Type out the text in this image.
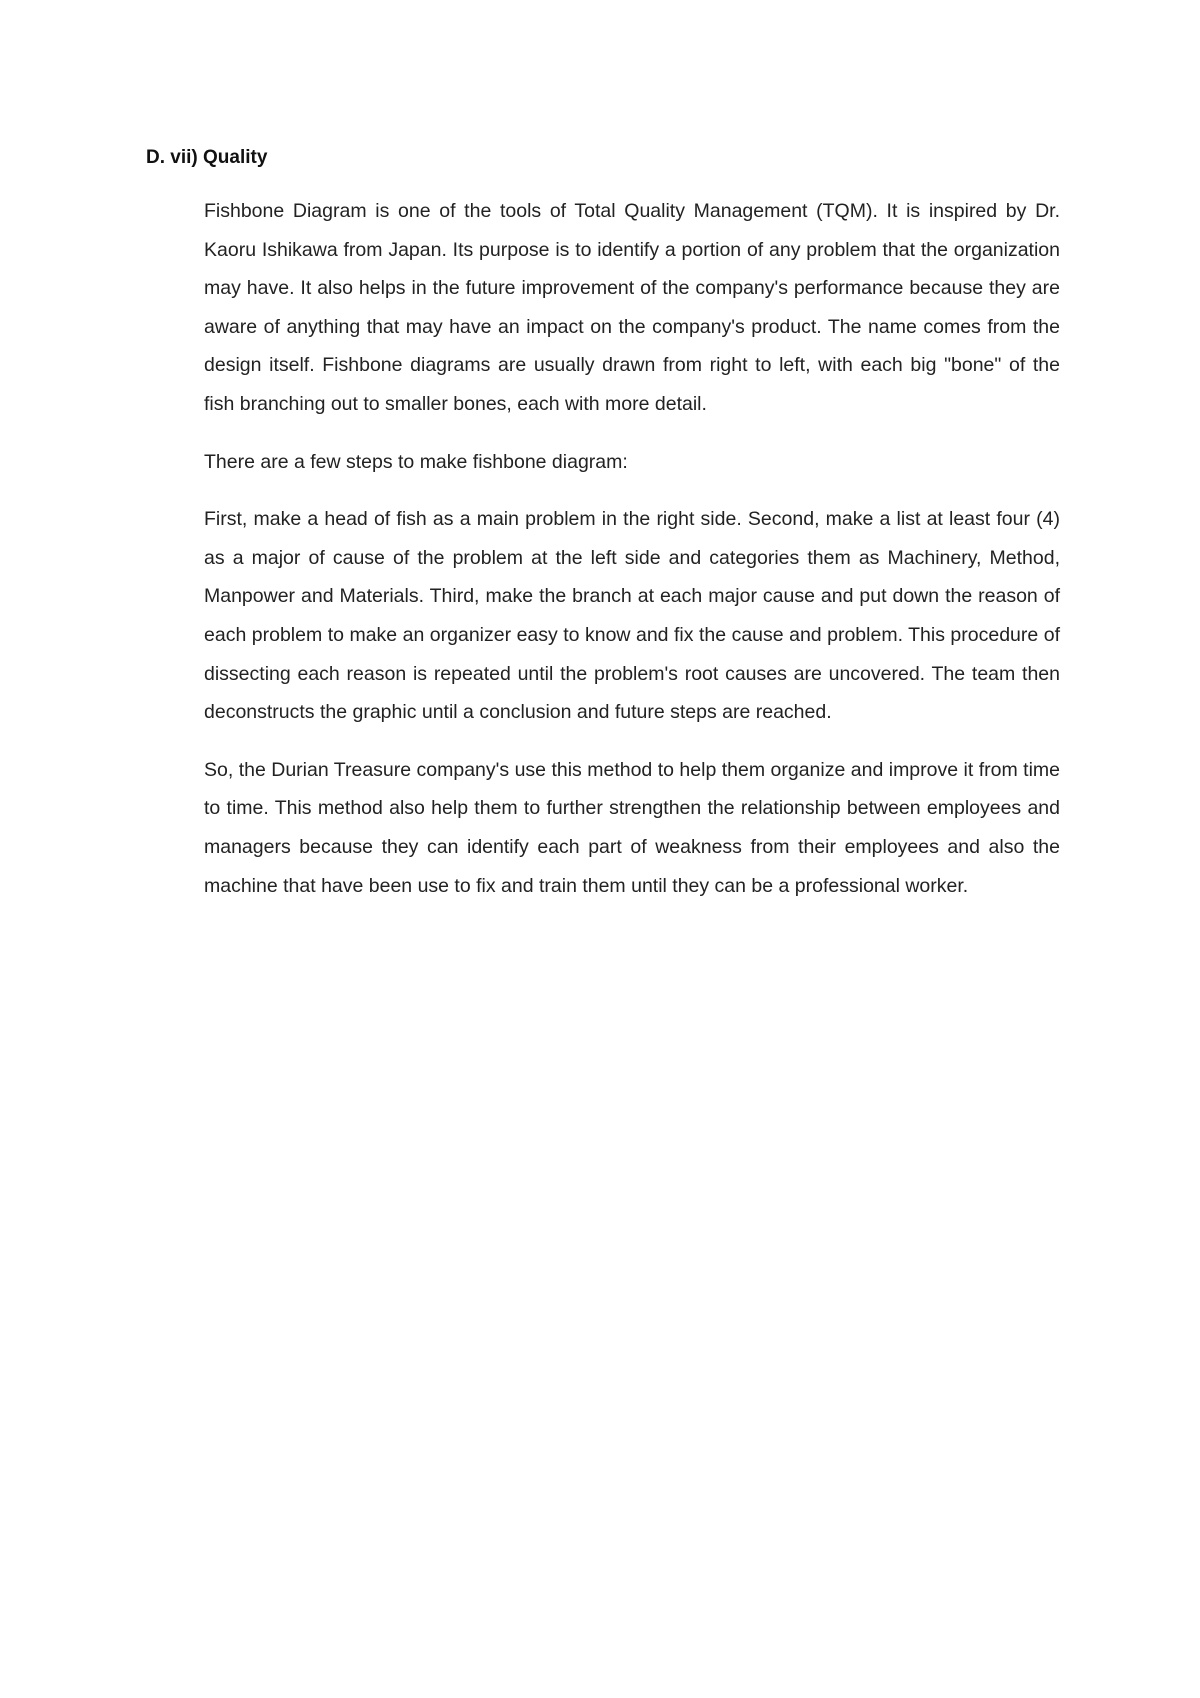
D. vii) Quality

Fishbone Diagram is one of the tools of Total Quality Management (TQM). It is inspired by Dr. Kaoru Ishikawa from Japan. Its purpose is to identify a portion of any problem that the organization may have. It also helps in the future improvement of the company's performance because they are aware of anything that may have an impact on the company's product. The name comes from the design itself. Fishbone diagrams are usually drawn from right to left, with each big "bone" of the fish branching out to smaller bones, each with more detail.

There are a few steps to make fishbone diagram:

First, make a head of fish as a main problem in the right side. Second, make a list at least four (4) as a major of cause of the problem at the left side and categories them as Machinery, Method, Manpower and Materials. Third, make the branch at each major cause and put down the reason of each problem to make an organizer easy to know and fix the cause and problem. This procedure of dissecting each reason is repeated until the problem's root causes are uncovered. The team then deconstructs the graphic until a conclusion and future steps are reached.

So, the Durian Treasure company's use this method to help them organize and improve it from time to time. This method also help them to further strengthen the relationship between employees and managers because they can identify each part of weakness from their employees and also the machine that have been use to fix and train them until they can be a professional worker.
